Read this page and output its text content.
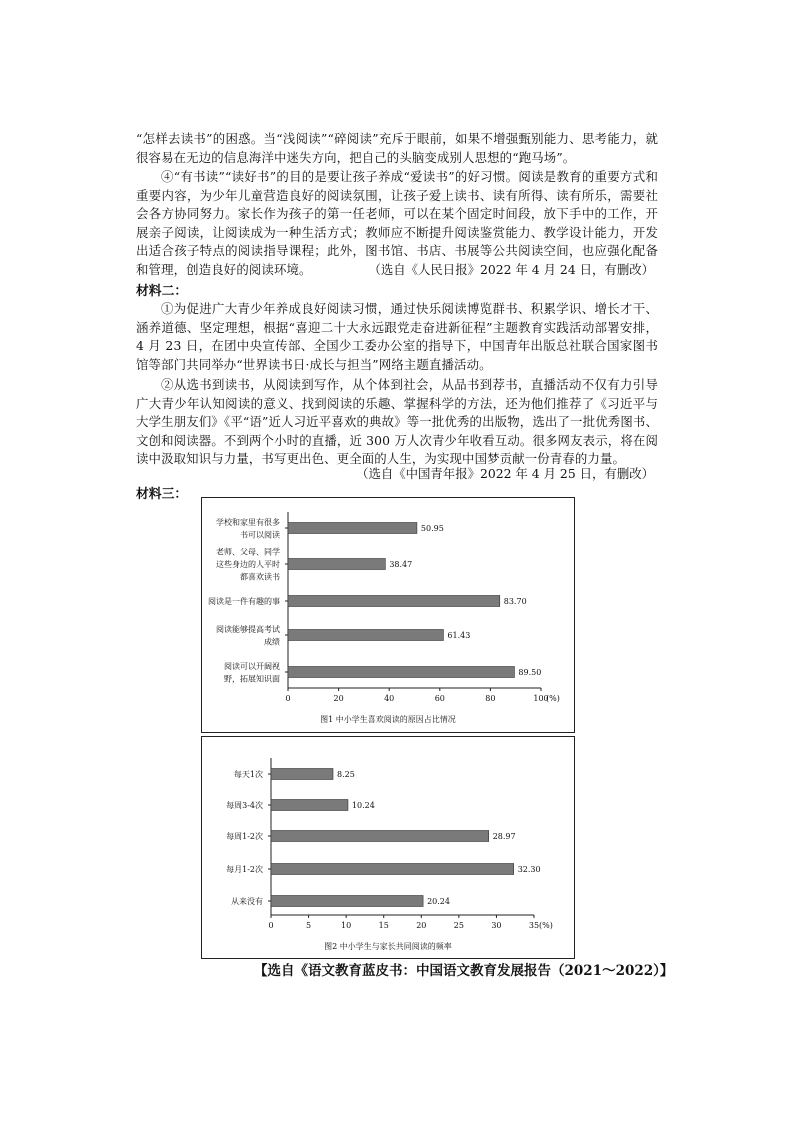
“怎样去读书”的困惑。当“浅阅读”“碎阅读”充斥于眼前，如果不增强甄别能力、思考能力，就很容易在无边的信息海洋中迷失方向，把自己的头脑变成别人思想的“跑马场”。

④“有书读”“读好书”的目的是要让孩子养成“爱读书”的好习惯。阅读是教育的重要方式和重要内容，为少年儿童营造良好的阅读氛围，让孩子爱上读书、读有所得、读有所乐，需要社会各方协同努力。家长作为孩子的第一任老师，可以在某个固定时间段，放下手中的工作，开展亲子阅读，让阅读成为一种生活方式；教师应不断提升阅读鉴赏能力、教学设计能力，开发出适合孩子特点的阅读指导课程；此外，图书馆、书店、书展等公共阅读空间，也应强化配备和管理，创造良好的阅读环境。	（选自《人民日报》2022 年 4 月 24 日，有删改）

材料二：

①为促进广大青少年养成良好阅读习惯，通过快乐阅读博览群书、积累学识、增长才干、涵养道德、坚定理想，根据“喜迎二十大永远跟党走奋进新征程”主题教育实践活动部署安排，4 月 23 日，在团中央宣传部、全国少工委办公室的指导下，中国青年出版总社联合国家图书馆等部门共同举办“世界读书日·成长与担当”网络主题直播活动。

②从选书到读书，从阅读到写作，从个体到社会，从品书到荐书，直播活动不仅有力引导广大青少年认知阅读的意义、找到阅读的乐趣、掌握科学的方法，还为他们推荐了《习近平与大学生朋友们》《平“语”近人习近平喜欢的典故》等一批优秀的出版物，选出了一批优秀图书、文创和阅读器。不到两个小时的直播，近 300 万人次青少年收看互动。很多网友表示，将在阅读中汲取知识与力量，书写更出色、更全面的人生，为实现中国梦贡献一份青春的力量。

（选自《中国青年报》2022 年 4 月 25 日，有删改）

材料三：

0	20	40	60	80	100
(%)
50.95
学校和家里有很多
书可以阅读
38.47
老师、父母、同学
这些身边的人平时
都喜欢读书
83.70
阅读是一件有趣的事
61.43
阅读能够提高考试
成绩
89.50
阅读可以开阔视
野，拓展知识面
图1 中小学生喜欢阅读的原因占比情况
0	5	10	15	20	25	30	35 (%)
8.25
每天1次
10.24
每周3-4次
28.97
每周1-2次
32.30
每月1-2次
20.24
从来没有
图2 中小学生与家长共同阅读的频率

【选自《语文教育蓝皮书：中国语文教育发展报告（2021～2022）】
